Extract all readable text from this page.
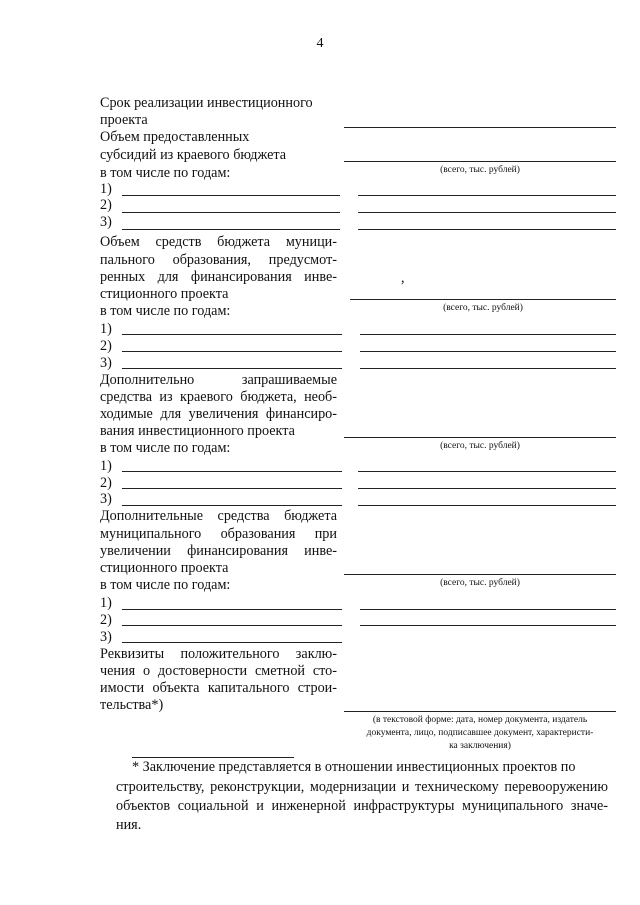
4
Срок реализации инвестиционного
проекта
Объем предоставленных
субсидий из краевого бюджета
(всего, тыс. рублей)
в том числе по годам:
1)
2)
3)
Объем средств бюджета муници-
пального образования, предусмот-
ренных для финансирования инве-
стиционного проекта
,
(всего, тыс. рублей)
в том числе по годам:
1)
2)
3)
Дополнительно запрашиваемые
средства из краевого бюджета, необ-
ходимые для увеличения финансиро-
вания инвестиционного проекта
(всего, тыс. рублей)
в том числе по годам:
1)
2)
3)
Дополнительные средства бюджета
муниципального образования при
увеличении финансирования инве-
стиционного проекта
(всего, тыс. рублей)
в том числе по годам:
1)
2)
3)
Реквизиты положительного заклю-
чения о достоверности сметной сто-
имости объекта капитального строи-
тельства*)
(в текстовой форме: дата, номер документа, издатель
документа, лицо, подписавшее документ, характеристи-
ка заключения)
* Заключение представляется в отношении инвестиционных проектов по
строительству, реконструкции, модернизации и техническому перевооружению
объектов социальной и инженерной инфраструктуры муниципального значе-
ния.
